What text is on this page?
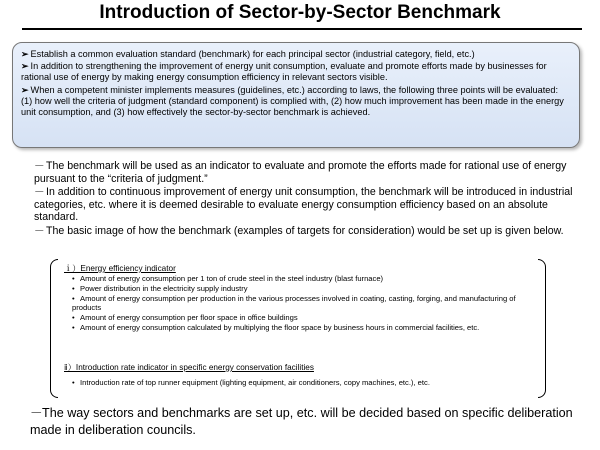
Introduction of Sector-by-Sector Benchmark

➢ Establish a common evaluation standard (benchmark) for each principal sector (industrial category, field, etc.)

➢ In addition to strengthening the improvement of energy unit consumption, evaluate and promote efforts made by businesses for rational use of energy by making energy consumption efficiency in relevant sectors visible.

➢ When a competent minister implements measures (guidelines, etc.) according to laws, the following three points will be evaluated: (1) how well the criteria of judgment (standard component) is complied with, (2) how much improvement has been made in the energy unit consumption, and (3) how effectively the sector-by-sector benchmark is achieved.

－The benchmark will be used as an indicator to evaluate and promote the efforts made for rational use of energy pursuant to the “criteria of judgment.”

－In addition to continuous improvement of energy unit consumption, the benchmark will be introduced in industrial categories, etc. where it is deemed desirable to evaluate energy consumption efficiency based on an absolute standard.

－The basic image of how the benchmark (examples of targets for consideration) would be set up is given below.

ｉ）Energy efficiency indicator

• Amount of energy consumption per 1 ton of crude steel in the steel industry (blast furnace)

• Power distribution in the electricity supply industry

• Amount of energy consumption per production in the various processes involved in coating, casting, forging, and manufacturing of products

• Amount of energy consumption per floor space in office buildings

• Amount of energy consumption calculated by multiplying the floor space by business hours in commercial facilities, etc.

ⅱ）Introduction rate indicator in specific energy conservation facilities

• Introduction rate of top runner equipment (lighting equipment, air conditioners, copy machines, etc.), etc.

－The way sectors and benchmarks are set up, etc. will be decided based on specific deliberation made in deliberation councils.
